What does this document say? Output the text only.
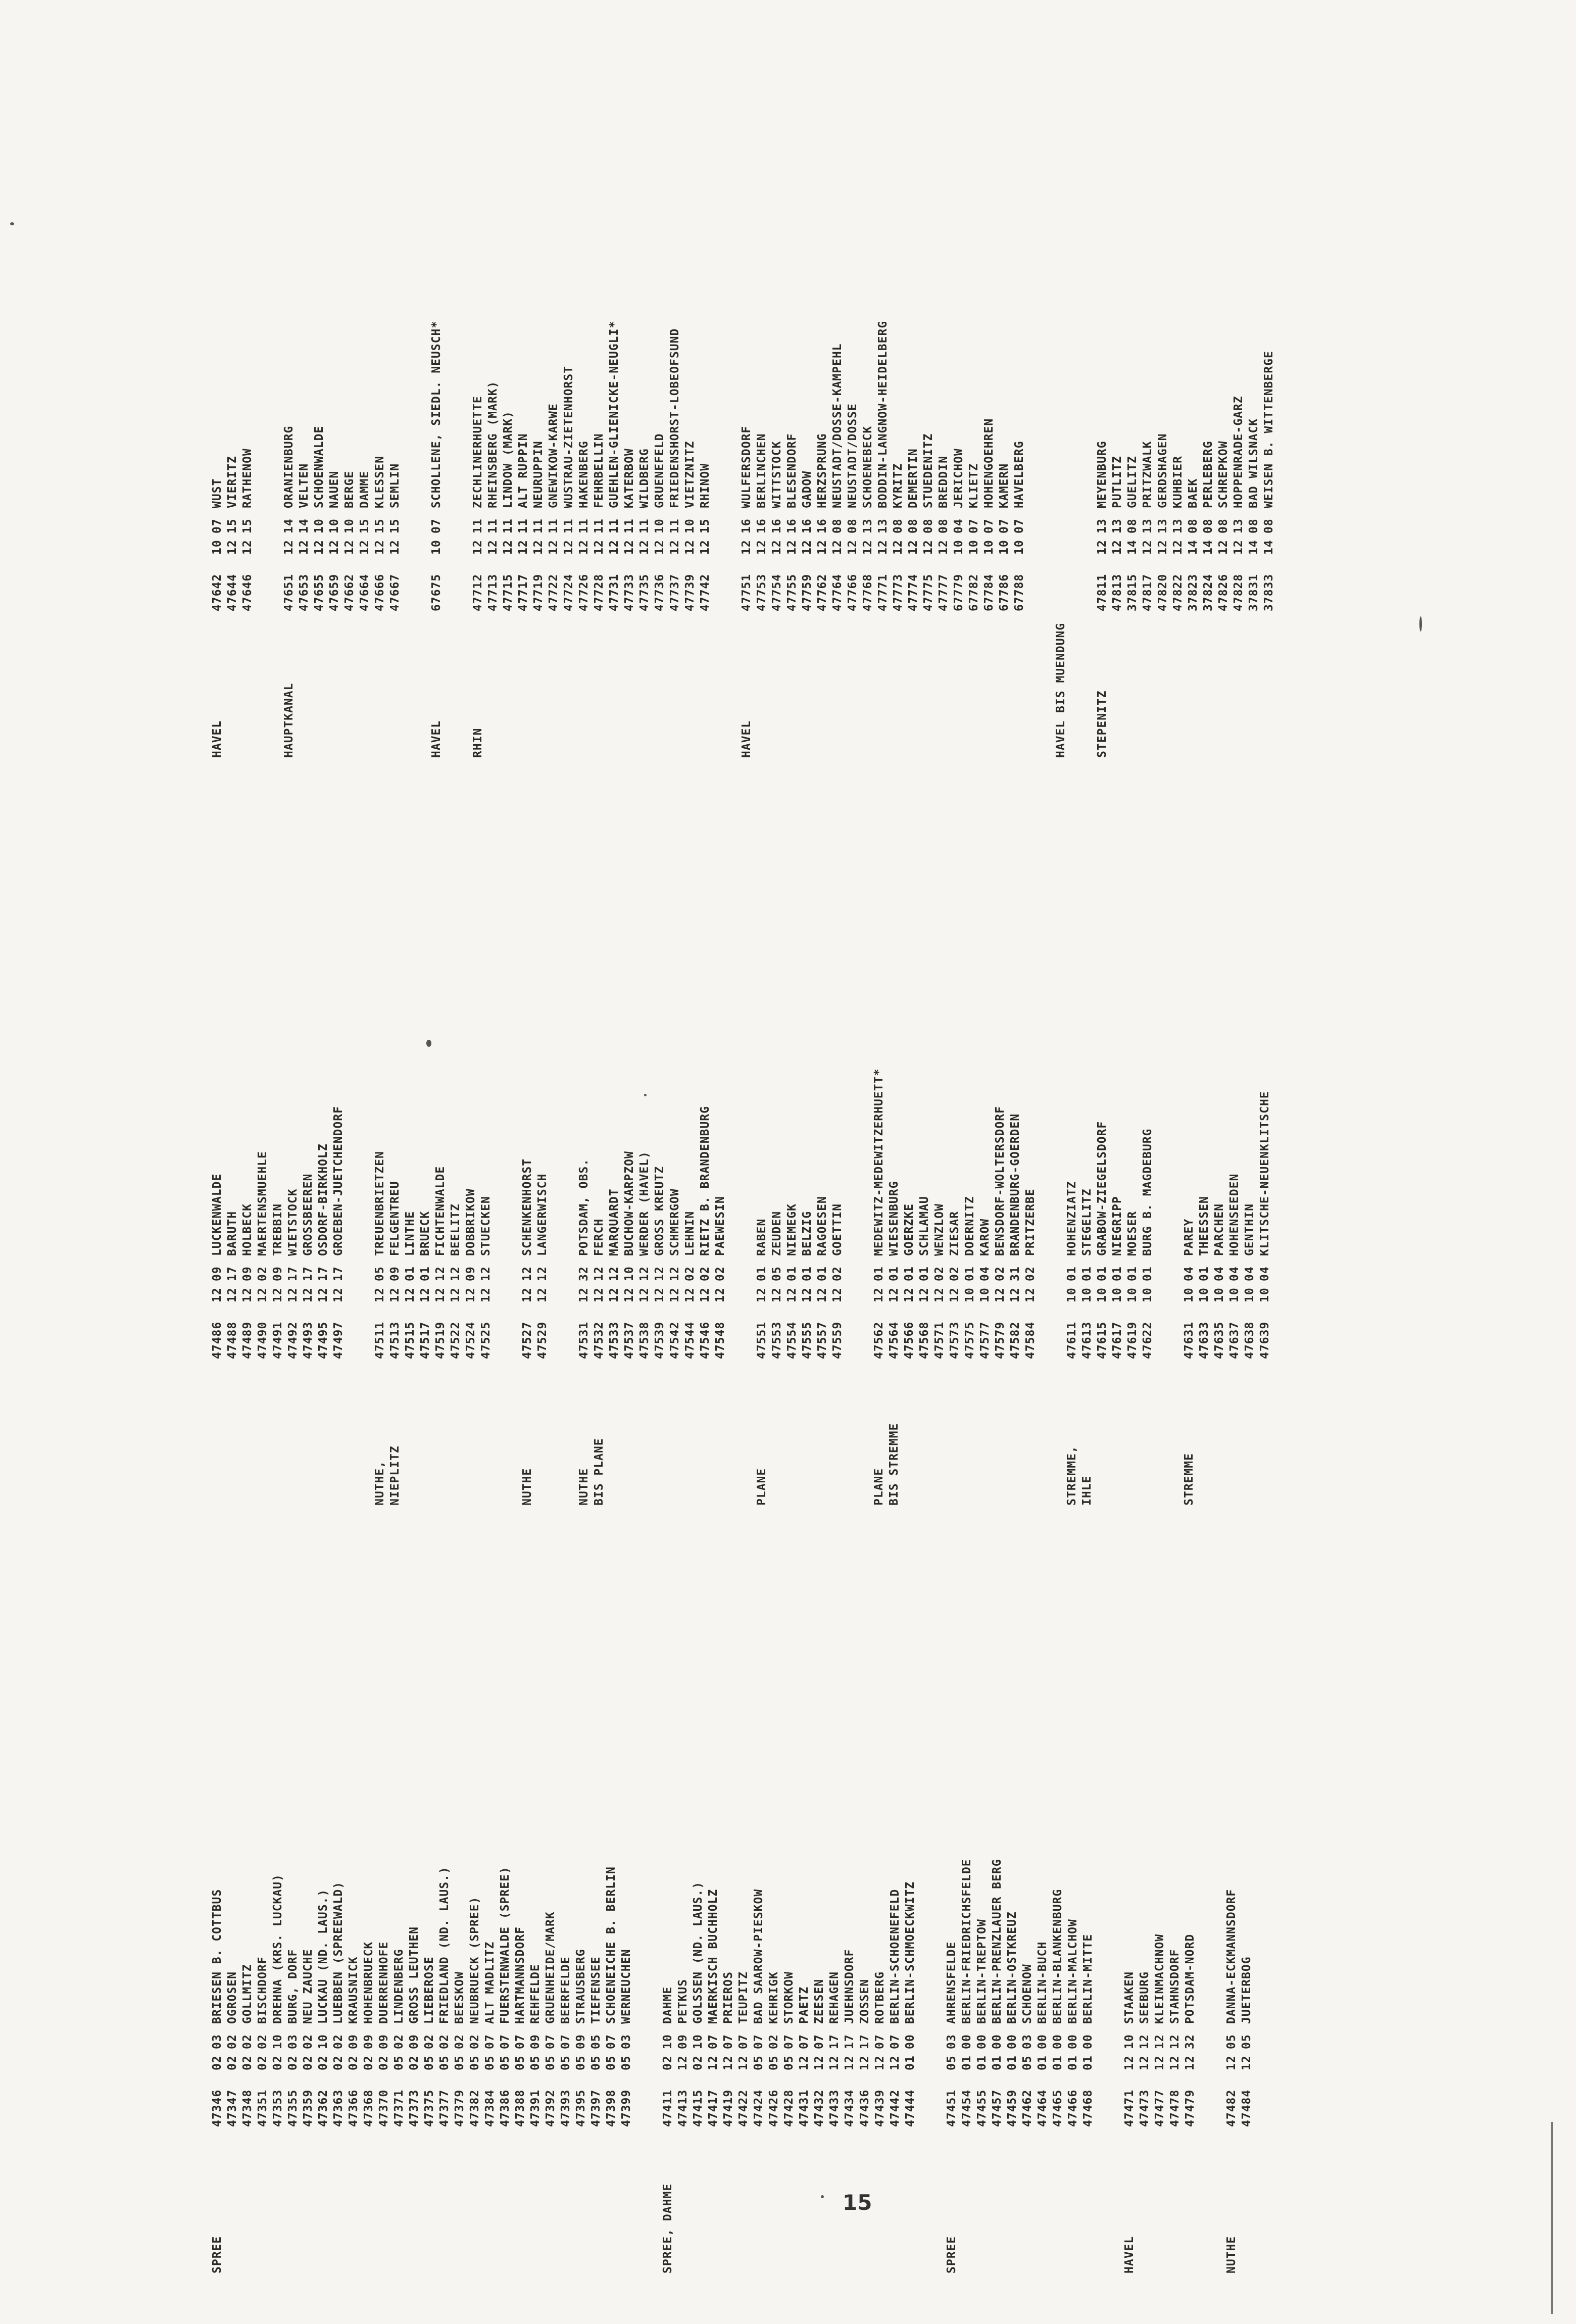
SPREE
473460203BRIESEN B. COTTBUS
473470202OGROSEN
473480202GOLLMITZ
473510202BISCHDORF
473530210DREHNA (KRS. LUCKAU)
473550203BURG, DORF
473590202NEU ZAUCHE
473620210LUCKAU (ND. LAUS.)
473630202LUEBBEN (SPREEWALD)
473660209KRAUSNICK
473680209HOHENBRUECK
473700209DUERRENHOFE
473710502LINDENBERG
473730209GROSS LEUTHEN
473750502LIEBEROSE
473770502FRIEDLAND (ND. LAUS.)
473790502BEESKOW
473820502NEUBRUECK (SPREE)
473840507ALT MADLITZ
473860507FUERSTENWALDE (SPREE)
473880507HARTMANNSDORF
473910509REHFELDE
473920507GRUENHEIDE/MARK
473930507BEERFELDE
473950509STRAUSBERG
473970505TIEFENSEE
473980507SCHOENEICHE B. BERLIN
473990503WERNEUCHEN
SPREE, DAHME
474110210DAHME
474131209PETKUS
474150210GOLSSEN (ND. LAUS.)
474171207MAERKISCH BUCHHOLZ
474191207PRIEROS
474221207TEUPITZ
474240507BAD SAAROW-PIESKOW
474260502KEHRIGK
474280507STORKOW
474311207PAETZ
474321207ZEESEN
474331217REHAGEN
474341217JUEHNSDORF
474361217ZOSSEN
474391207ROTBERG
474421207BERLIN-SCHOENEFELD
474440100BERLIN-SCHMOECKWITZ
SPREE
474510503AHRENSFELDE
474540100BERLIN-FRIEDRICHSFELDE
474550100BERLIN-TREPTOW
474570100BERLIN-PRENZLAUER BERG
474590100BERLIN-OSTKREUZ
474620503SCHOENOW
474640100BERLIN-BUCH
474650100BERLIN-BLANKENBURG
474660100BERLIN-MALCHOW
474680100BERLIN-MITTE
HAVEL
474711210STAAKEN
474731212SEEBURG
474771212KLEINMACHNOW
474781212STAHNSDORF
474791232POTSDAM-NORD
NUTHE
474821205DANNA-ECKMANNSDORF
474841205JUETERBOG
474861209LUCKENWALDE
474881217BARUTH
474891209HOLBECK
474901202MAERTENSMUEHLE
474911209TREBBIN
474921217WIETSTOCK
474931217GROSSBEEREN
474951217OSDORF-BIRKHOLZ
474971217GROEBEN-JUETCHENDORF
NUTHE,
NIEPLITZ
475111205TREUENBRIETZEN
475131209FELGENTREU
475151201LINTHE
475171201BRUECK
475191212FICHTENWALDE
475221212BEELITZ
475241209DOBBRIKOW
475251212STUECKEN
NUTHE
475271212SCHENKENHORST
475291212LANGERWISCH
NUTHE
BIS PLANE
475311232POTSDAM, OBS.
475321212FERCH
475331212MARQUARDT
475371210BUCHOW-KARPZOW
475381212WERDER (HAVEL)
475391212GROSS KREUTZ
475421212SCHMERGOW
475441202LEHNIN
475461202RIETZ B. BRANDENBURG
475481202PAEWESIN
PLANE
475511201RABEN
475531205ZEUDEN
475541201NIEMEGK
475551201BELZIG
475571201RAGOESEN
475591202GOETTIN
PLANE
BIS STREMME
475621201MEDEWITZ-MEDEWITZERHUETT*
475641201WIESENBURG
475661201GOERZKE
475681201SCHLAMAU
475711202WENZLOW
475731202ZIESAR
475751001DOERNITZ
475771004KAROW
475791202BENSDORF-WOLTERSDORF
475821231BRANDENBURG-GOERDEN
475841202PRITZERBE
STREMME,
IHLE
476111001HOHENZIATZ
476131001STEGELITZ
476151001GRABOW-ZIEGELSDORF
476171001NIEGRIPP
476191001MOESER
476221001BURG B. MAGDEBURG
STREMME
476311004PAREY
476331001THEESSEN
476351004PARCHEN
476371004HOHENSEEDEN
476381004GENTHIN
476391004KLITSCHE-NEUENKLITSCHE
HAVEL
476421007WUST
476441215VIERITZ
476461215RATHENOW
HAUPTKANAL
476511214ORANIENBURG
476531214VELTEN
476551210SCHOENWALDE
476591210NAUEN
476621210BERGE
476641215DAMME
476661215KLESSEN
476671215SEMLIN
HAVEL
676751007SCHOLLENE, SIEDL. NEUSCH*
RHIN
477121211ZECHLINERHUETTE
477131211RHEINSBERG (MARK)
477151211LINDOW (MARK)
477171211ALT RUPPIN
477191211NEURUPPIN
477221211GNEWIKOW-KARWE
477241211WUSTRAU-ZIETENHORST
477261211HAKENBERG
477281211FEHRBELLIN
477311211GUEHLEN-GLIENICKE-NEUGLI*
477331211KATERBOW
477351211WILDBERG
477361210GRUENEFELD
477371211FRIEDENSHORST-LOBEOFSUND
477391210VIETZNITZ
477421215RHINOW
HAVEL
477511216WULFERSDORF
477531216BERLINCHEN
477541216WITTSTOCK
477551216BLESENDORF
477591216GADOW
477621216HERZSPRUNG
477641208NEUSTADT/DOSSE-KAMPEHL
477661208NEUSTADT/DOSSE
477681213SCHOENEBECK
477711213BODDIN-LANGNOW-HEIDELBERG
477731208KYRITZ
477741208DEMERTIN
477751208STUEDENITZ
477771208BREDDIN
677791004JERICHOW
677821007KLIETZ
677841007HOHENGOEHREN
677861007KAMERN
677881007HAVELBERG
HAVEL BIS MUENDUNG STEPENITZ
478111213MEYENBURG
478131213PUTLITZ
378151408GUELITZ
478171213PRITZWALK
478201213GERDSHAGEN
478221213KUHBIER
378231408BAEK
378241408PERLEBERG
478261208SCHREPKOW
478281213HOPPENRADE-GARZ
378311408BAD WILSNACK
378331408WEISEN B. WITTENBERGE
15
